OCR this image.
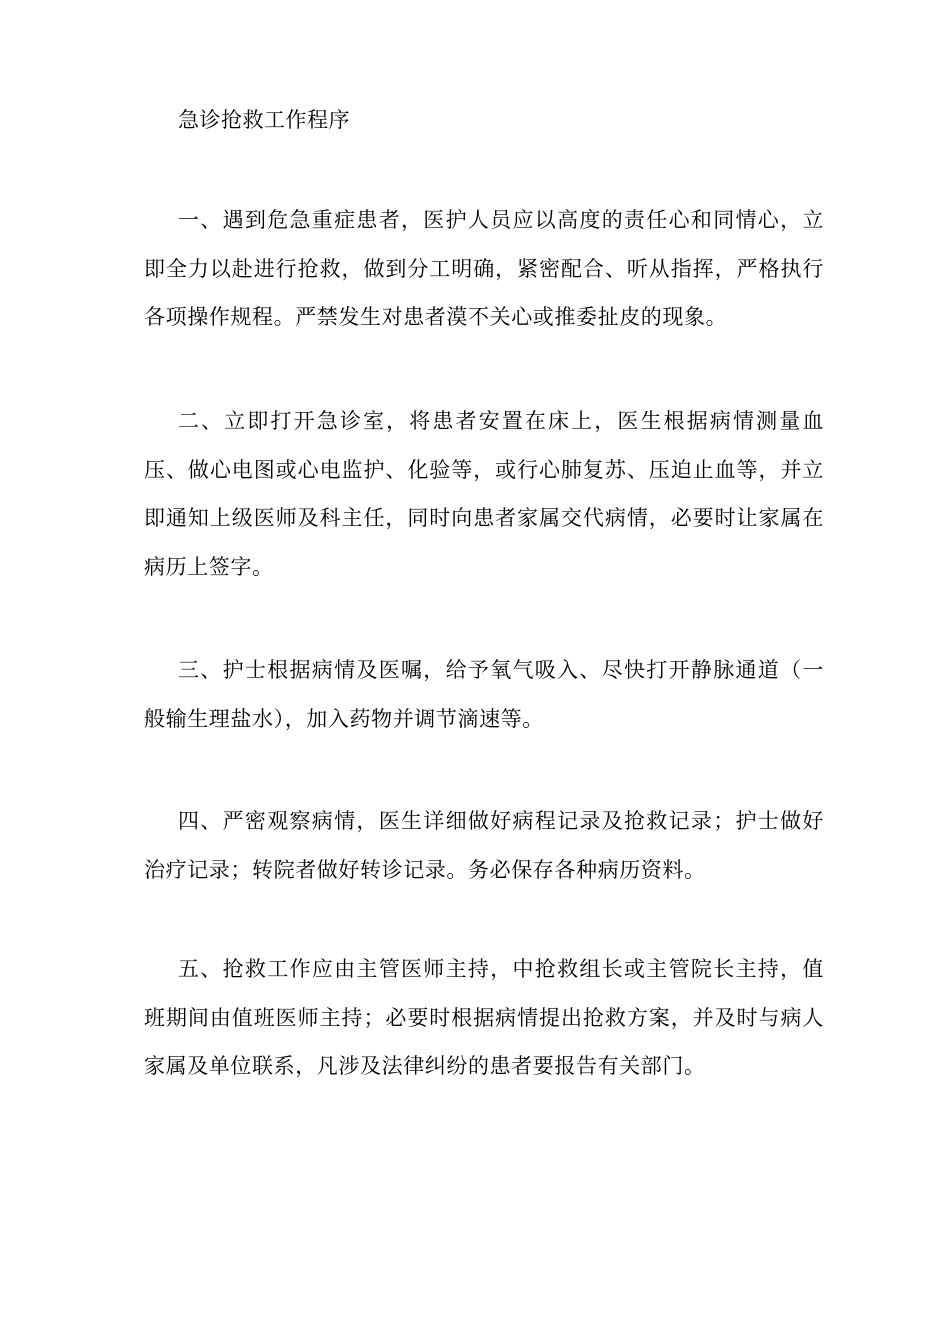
急诊抢救工作程序

一、遇到危急重症患者，医护人员应以高度的责任心和同情心，立即全力以赴进行抢救，做到分工明确，紧密配合、听从指挥，严格执行各项操作规程。严禁发生对患者漠不关心或推委扯皮的现象。

二、立即打开急诊室，将患者安置在床上，医生根据病情测量血压、做心电图或心电监护、化验等，或行心肺复苏、压迫止血等，并立即通知上级医师及科主任，同时向患者家属交代病情，必要时让家属在病历上签字。

三、护士根据病情及医嘱，给予氧气吸入、尽快打开静脉通道（一般输生理盐水），加入药物并调节滴速等。

四、严密观察病情，医生详细做好病程记录及抢救记录；护士做好治疗记录；转院者做好转诊记录。务必保存各种病历资料。

五、抢救工作应由主管医师主持，中抢救组长或主管院长主持，值班期间由值班医师主持；必要时根据病情提出抢救方案，并及时与病人家属及单位联系，凡涉及法律纠纷的患者要报告有关部门。
